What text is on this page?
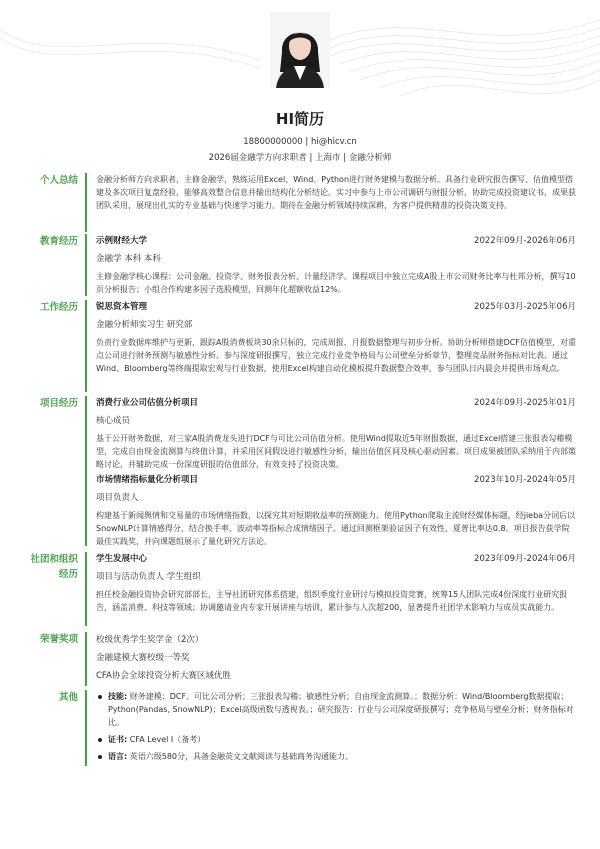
HI简历
18800000000 | hi@hicv.cn
2026届金融学方向求职者 | 上海市 | 金融分析师
个人总结 金融分析师方向求职者，主修金融学，熟练运用Excel、Wind、Python进行财务建模与数据分析。具备行业研究报告撰写、估值模型搭建及多次项目复盘经验，能够高效整合信息并输出结构化分析结论。实习中参与上市公司调研与财报分析，协助完成投资建议书，成果获团队采用，展现出扎实的专业基础与快速学习能力。期待在金融分析领域持续深耕，为客户提供精准的投资决策支持。

教育经历 示例财经大学	2022年09月-2026年06月
金融学 本科 本科

主修金融学核心课程：公司金融、投资学、财务报表分析、计量经济学。课程项目中独立完成A股上市公司财务比率与杜邦分析，撰写10页分析报告；小组合作构建多因子选股模型，回测年化超额收益12%。

工作经历 锐思资本管理	2025年03月-2025年06月
金融分析师实习生 研究部

负责行业数据库维护与更新，跟踪A股消费板块30余只标的，完成周报、月报数据整理与初步分析。协助分析师搭建DCF估值模型，对重点公司进行财务预测与敏感性分析。参与深度研报撰写，独立完成行业竞争格局与公司壁垒分析章节，整理竞品财务指标对比表。通过Wind、Bloomberg等终端提取宏观与行业数据，使用Excel构建自动化模板提升数据整合效率，参与团队日内晨会并提供市场观点。

项目经历 消费行业公司估值分析项目	2024年09月-2025年01月
核心成员

基于公开财务数据，对三家A股消费龙头进行DCF与可比公司估值分析。使用Wind提取近5年财报数据，通过Excel搭建三张报表勾稽模型，完成自由现金流测算与终值计算，并采用区间假设进行敏感性分析，输出估值区间及核心驱动因素。项目成果被团队采纳用于内部策略讨论，并辅助完成一份深度研报的估值部分，有效支持了投资决策。

市场情绪指标量化分析项目	2023年10月-2024年05月
项目负责人

构建基于新闻舆情和交易量的市场情绪指数，以探究其对短期收益率的预测能力。使用Python爬取主流财经媒体标题，经jieba分词后以SnowNLP计算情感得分，结合换手率、波动率等指标合成情绪因子。通过回测框架验证因子有效性，夏普比率达0.8。项目报告获学院最佳实践奖，并向课题组展示了量化研究方法论。

社团和组织
经历
学生发展中心	2023年09月-2024年06月
项目与活动负责人 学生组织

担任校金融投资协会研究部部长，主导社团研究体系搭建，组织季度行业研讨与模拟投资竞赛，统筹15人团队完成4份深度行业研究报告，涵盖消费、科技等领域；协调邀请业内专家开展讲座与培训，累计参与人次超200，显著提升社团学术影响力与成员实战能力。

荣誉奖项 校级优秀学生奖学金（2次）
金融建模大赛校级一等奖
CFA协会全球投资分析大赛区域优胜
其他	技能: 财务建模：DCF、可比公司分析；三张报表勾稽；敏感性分析；自由现金流测算。；数据分析：Wind/Bloomberg数据提取；Python(Pandas, SnowNLP)；Excel高级函数与透视表。；研究报告：行业与公司深度研报撰写；竞争格局与壁垒分析；财务指标对比。
证书: CFA Level I（备考）
语言: 英语六级580分，具备金融英文文献阅读与基础商务沟通能力。
